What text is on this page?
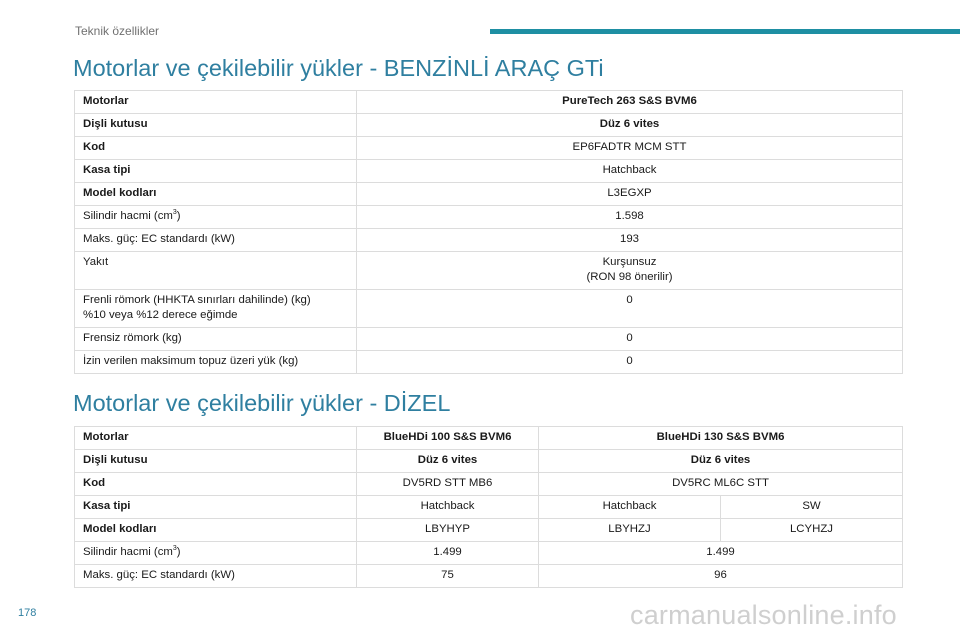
Teknik özellikler
Motorlar ve çekilebilir yükler - BENZİNLİ ARAÇ GTi
Motorlar	PureTech 263 S&S BVM6
Dişli kutusu	Düz 6 vites
Kod	EP6FADTR MCM STT
Kasa tipi	Hatchback
Model kodları	L3EGXP
Silindir hacmi $(cm^3)$	1.598
Maks. güç: EC standardı (kW)	193
Yakıt	Kurşunsuz
(RON 98 önerilir)
Frenli römork (HHKTA sınırları dahilinde) (kg)
%10 veya %12 derece eğimde	0
Frensiz römork (kg)	0
İzin verilen maksimum topuz üzeri yük (kg)	0
Motorlar ve çekilebilir yükler - DİZEL
Motorlar	BlueHDi 100 S&S BVM6	BlueHDi 130 S&S BVM6	
Dişli kutusu	Düz 6 vites	Düz 6 vites	
Kod	DV5RD STT MB6	DV5RC ML6C STT	
Kasa tipi	Hatchback	Hatchback	SW
Model kodları	LBYHYP	LBYHZJ	LCYHZJ
Silindir hacmi $(cm^3)$	1.499	1.499	
Maks. güç: EC standardı (kW)	75	96	
178	carmanualsonline.info
